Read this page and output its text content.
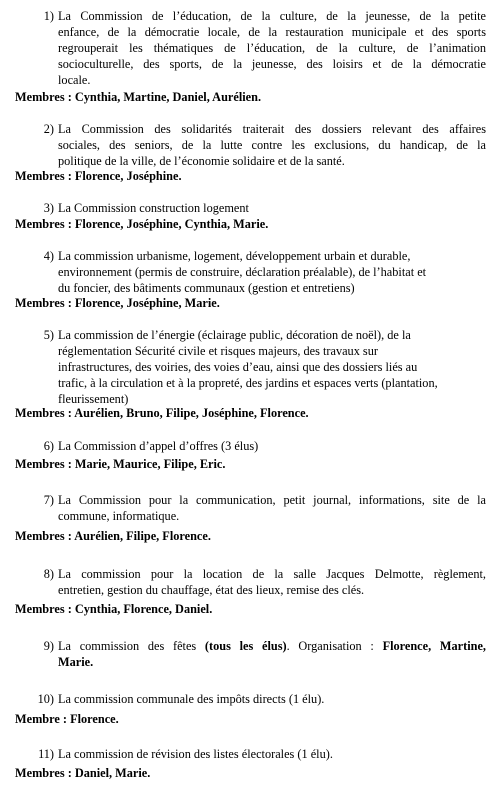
1) La Commission de l’éducation, de la culture, de la jeunesse, de la petite
enfance, de la démocratie locale, de la restauration municipale et des sports
regrouperait les thématiques de l’éducation, de la culture, de l’animation
socioculturelle, des sports, de la jeunesse, des loisirs et de la démocratie
locale.
Membres : Cynthia, Martine, Daniel, Aurélien.
2) La Commission des solidarités traiterait des dossiers relevant des affaires
sociales, des seniors, de la lutte contre les exclusions, du handicap, de la
politique de la ville, de l’économie solidaire et de la santé.
Membres : Florence, Joséphine.
3) La Commission construction logement
Membres : Florence, Joséphine, Cynthia, Marie.
4) La commission urbanisme, logement, développement urbain et durable,
environnement (permis de construire, déclaration préalable), de l’habitat et
du foncier, des bâtiments communaux (gestion et entretiens)
Membres : Florence, Joséphine, Marie.
5) La commission de l’énergie (éclairage public, décoration de noël), de la
réglementation Sécurité civile et risques majeurs, des travaux sur
infrastructures, des voiries, des voies d’eau, ainsi que des dossiers liés au
trafic, à la circulation et à la propreté, des jardins et espaces verts (plantation,
fleurissement)
Membres : Aurélien, Bruno, Filipe, Joséphine, Florence.
6) La Commission d’appel d’offres (3 élus)
Membres : Marie, Maurice, Filipe, Eric.
7) La Commission pour la communication, petit journal, informations, site de la
commune, informatique.
Membres : Aurélien, Filipe, Florence.
8) La commission pour la location de la salle Jacques Delmotte, règlement,
entretien, gestion du chauffage, état des lieux, remise des clés.
Membres : Cynthia, Florence, Daniel.
9) La commission des fêtes (tous les élus). Organisation : Florence, Martine,
Marie.
10) La commission communale des impôts directs (1 élu).
Membre : Florence.
11) La commission de révision des listes électorales (1 élu).
Membres : Daniel, Marie.
